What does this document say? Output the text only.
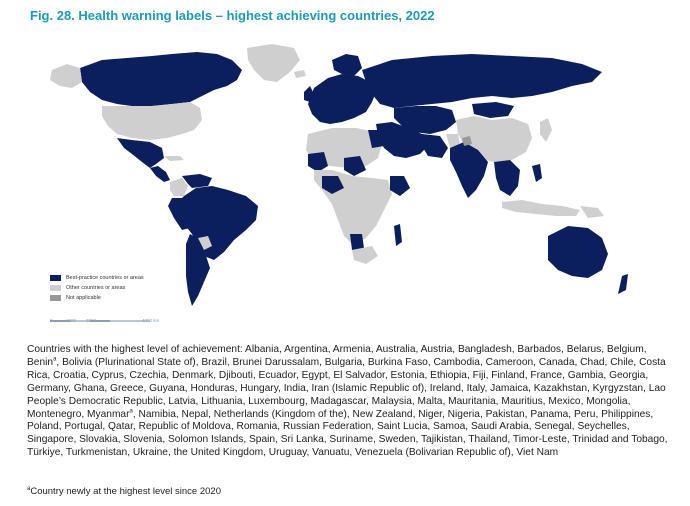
Fig. 28. Health warning labels – highest achieving countries, 2022
Best-practice countries or areas
Other countries or areas
Not applicable
0	1000 2000	4000 km
Countries with the highest level of achievement: Albania, Argentina, Armenia, Australia, Austria, Bangladesh, Barbados, Belarus, Belgium, Benin$^a$, Bolivia (Plurinational State of), Brazil, Brunei Darussalam, Bulgaria, Burkina Faso, Cambodia, Cameroon, Canada, Chad, Chile, Costa Rica, Croatia, Cyprus, Czechia, Denmark, Djibouti, Ecuador, Egypt, El Salvador, Estonia, Ethiopia, Fiji, Finland, France, Gambia, Georgia, Germany, Ghana, Greece, Guyana, Honduras, Hungary, India, Iran (Islamic Republic of), Ireland, Italy, Jamaica, Kazakhstan, Kyrgyzstan, Lao People’s Democratic Republic, Latvia, Lithuania, Luxembourg, Madagascar, Malaysia, Malta, Mauritania, Mauritius, Mexico, Mongolia, Montenegro, Myanmar$^a$, Namibia, Nepal, Netherlands (Kingdom of the), New Zealand, Niger, Nigeria, Pakistan, Panama, Peru, Philippines, Poland, Portugal, Qatar, Republic of Moldova, Romania, Russian Federation, Saint Lucia, Samoa, Saudi Arabia, Senegal, Seychelles, Singapore, Slovakia, Slovenia, Solomon Islands, Spain, Sri Lanka, Suriname, Sweden, Tajikistan, Thailand, Timor-Leste, Trinidad and Tobago, Türkiye, Turkmenistan, Ukraine, the United Kingdom, Uruguay, Vanuatu, Venezuela (Bolivarian Republic of), Viet Nam
$^a$Country newly at the highest level since 2020
